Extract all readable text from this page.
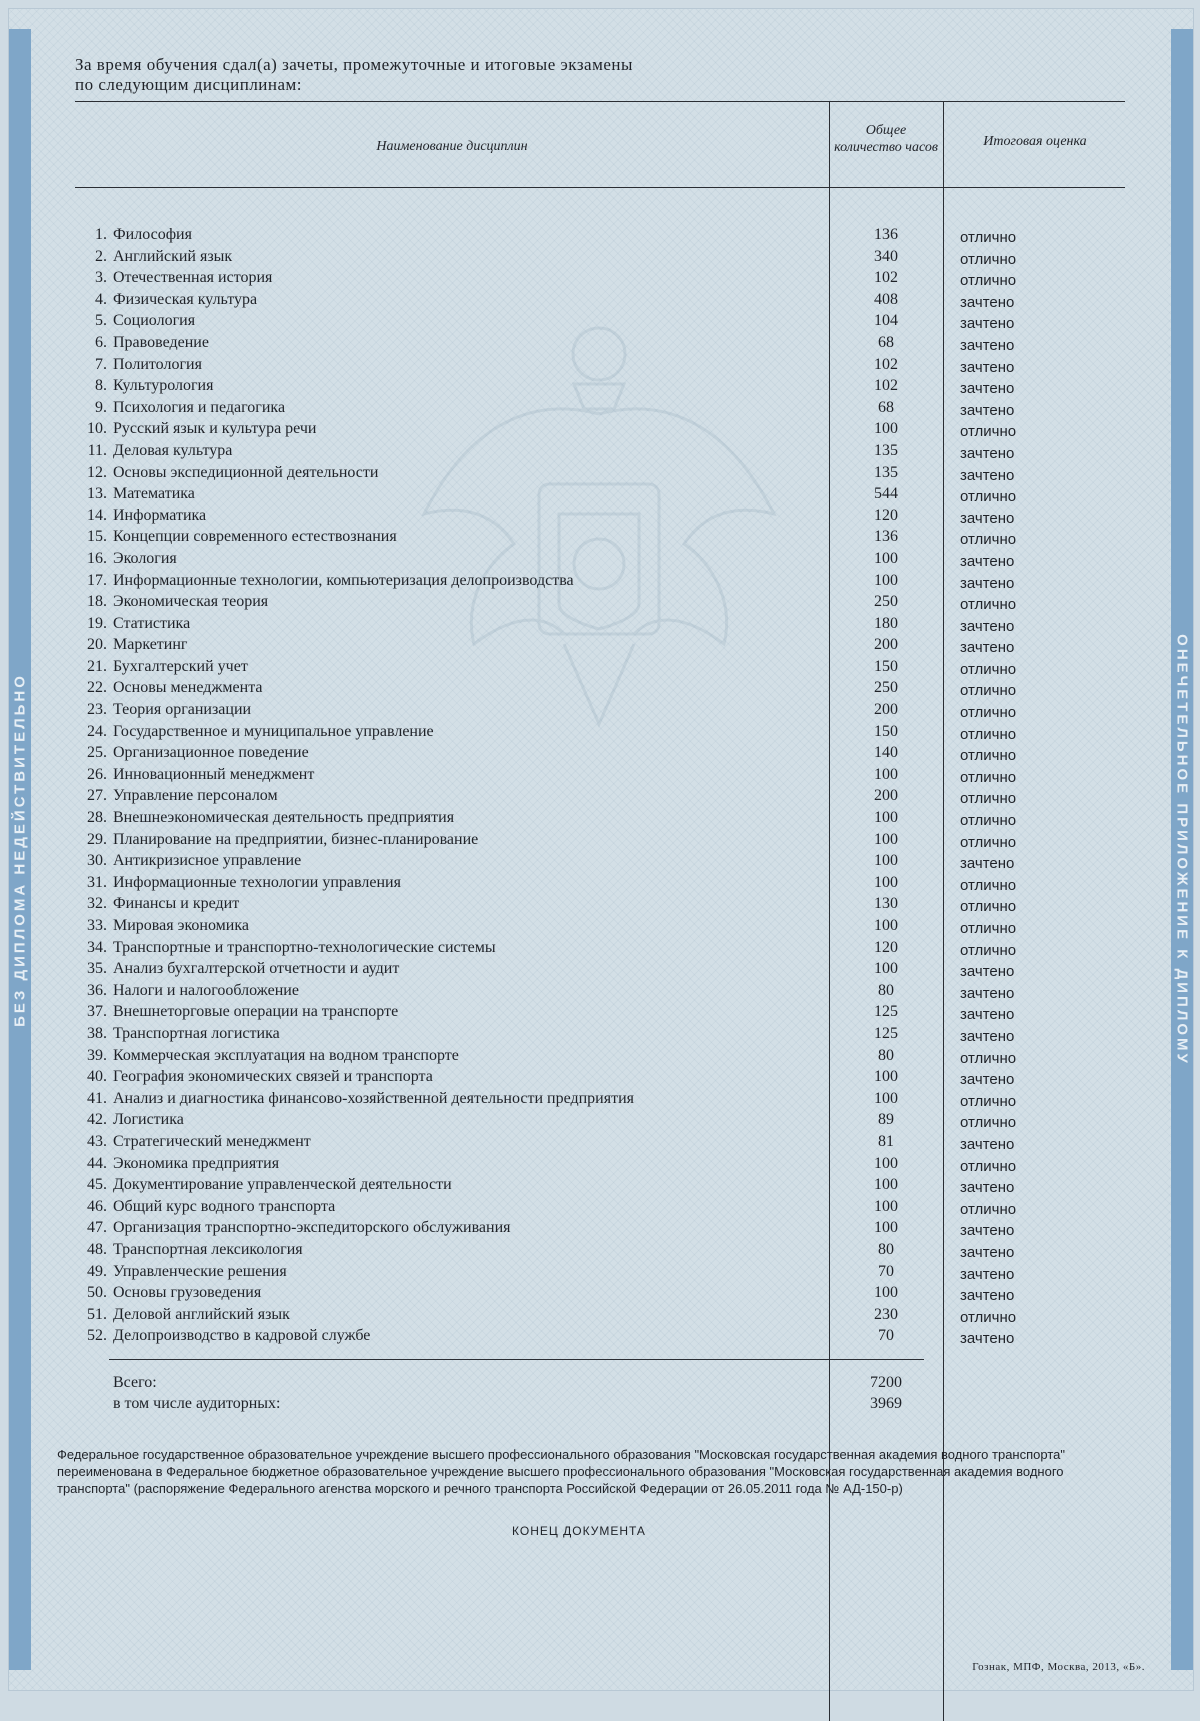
БЕЗ ДИПЛОМА НЕДЕЙСТВИТЕЛЬНО	ОНЕЧЕТЕЛЬНОЕ ПРИЛОЖЕНИЕ К ДИПЛОМУ
За время обучения сдал(а) зачеты, промежуточные и итоговые экзамены
по следующим дисциплинам:
Наименование дисциплин
Общее количество часов	Итоговая оценка
1. Философия	136	отлично
2. Английский язык	340	отлично
3. Отечественная история	102	отлично
4. Физическая культура	408	зачтено
5. Социология	104	зачтено
6. Правоведение	68	зачтено
7. Политология	102	зачтено
8. Культурология	102	зачтено
9. Психология и педагогика	68	зачтено
10. Русский язык и культура речи	100	отлично
11. Деловая культура	135	зачтено
12. Основы экспедиционной деятельности	135	зачтено
13. Математика	544	отлично
14. Информатика	120	зачтено
15. Концепции современного естествознания	136	отлично
16. Экология	100	зачтено
17. Информационные технологии, компьютеризация делопроизводства	100	зачтено
18. Экономическая теория	250	отлично
19. Статистика	180	зачтено
20. Маркетинг	200	зачтено
21. Бухгалтерский учет	150	отлично
22. Основы менеджмента	250	отлично
23. Теория организации	200	отлично
24. Государственное и муниципальное управление	150	отлично
25. Организационное поведение	140	отлично
26. Инновационный менеджмент	100	отлично
27. Управление персоналом	200	отлично
28. Внешнеэкономическая деятельность предприятия	100	отлично
29. Планирование на предприятии, бизнес-планирование	100	отлично
30. Антикризисное управление	100	зачтено
31. Информационные технологии управления	100	отлично
32. Финансы и кредит	130	отлично
33. Мировая экономика	100	отлично
34. Транспортные и транспортно-технологические системы	120	отлично
35. Анализ бухгалтерской отчетности и аудит	100	зачтено
36. Налоги и налогообложение	80	зачтено
37. Внешнеторговые операции на транспорте	125	зачтено
38. Транспортная логистика	125	зачтено
39. Коммерческая эксплуатация на водном транспорте	80	отлично
40. География экономических связей и транспорта	100	зачтено
41. Анализ и диагностика финансово-хозяйственной деятельности предприятия	100	отлично
42. Логистика	89	отлично
43. Стратегический менеджмент	81	зачтено
44. Экономика предприятия	100	отлично
45. Документирование управленческой деятельности	100	зачтено
46. Общий курс водного транспорта	100	отлично
47. Организация транспортно-экспедиторского обслуживания	100	зачтено
48. Транспортная лексикология	80	зачтено
49. Управленческие решения	70	зачтено
50. Основы грузоведения	100	зачтено
51. Деловой английский язык	230	отлично
52. Делопроизводство в кадровой службе	70	зачтено
Всего:	7200
в том числе аудиторных:	3969
Федеральное государственное образовательное учреждение высшего профессионального образования "Московская государственная академия водного транспорта" переименована в Федеральное бюджетное образовательное учреждение высшего профессионального образования "Московская государственная академия водного транспорта" (распоряжение Федерального агенства морского и речного транспорта Российской Федерации от 26.05.2011 года № АД-150-р)
КОНЕЦ ДОКУМЕНТА
Гознак, МПФ, Москва, 2013, «Б».
